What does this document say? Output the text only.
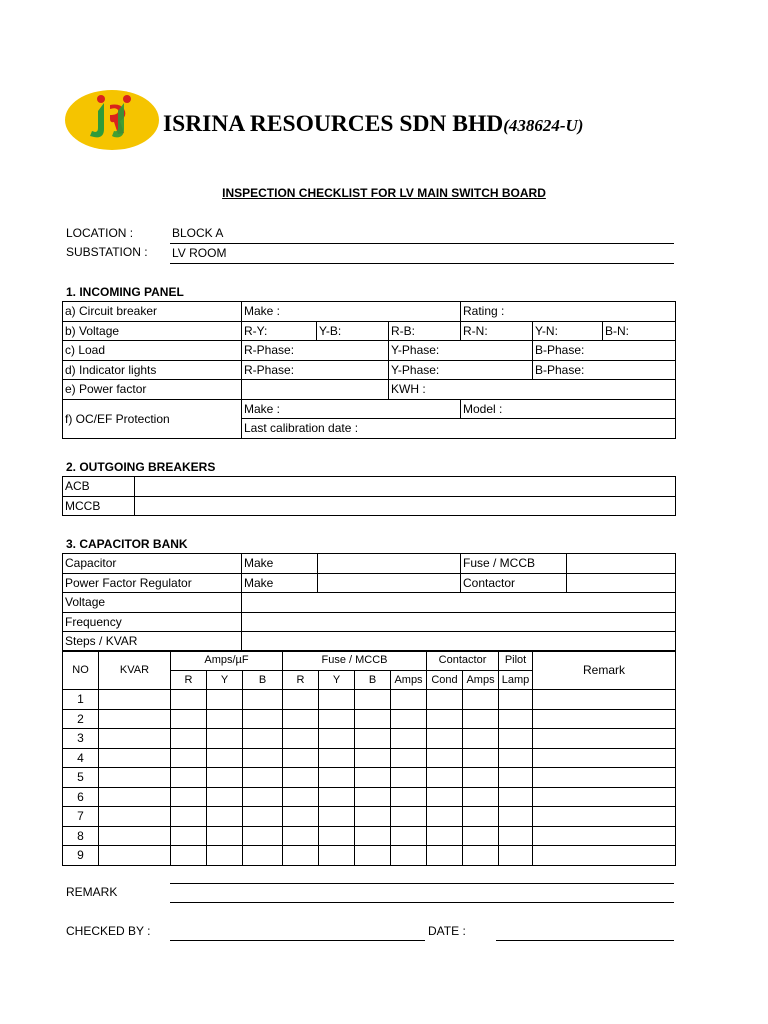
ISRINA RESOURCES SDN BHD(438624-U)
INSPECTION CHECKLIST FOR LV MAIN SWITCH BOARD
LOCATION :	BLOCK A
SUBSTATION : LV ROOM
1. INCOMING PANEL
a) Circuit breaker	Make :			Rating :		
b) Voltage	R-Y:	Y-B:	R-B:	R-N:	Y-N:	B-N:
c) Load	R-Phase:		Y-Phase:		B-Phase:	
d) Indicator lights	R-Phase:		Y-Phase:		B-Phase:	
e) Power factor			KWH :			
f) OC/EF Protection	Make :			Model :		
	Last calibration date :					
2. OUTGOING BREAKERS
ACB	
MCCB	
3. CAPACITOR BANK
Capacitor	Make		Fuse / MCCB	
Power Factor Regulator	Make		Contactor	
Voltage				
Frequency				
Steps / KVAR				
NO	KVAR	Amps/µF			Fuse / MCCB				Contactor		Pilot	Remark
		R	Y	B	R	Y	B	Amps	Cond	Amps	Lamp	
1												
2												
3												
4												
5												
6												
7												
8												
9												
REMARK
CHECKED BY :	DATE :
